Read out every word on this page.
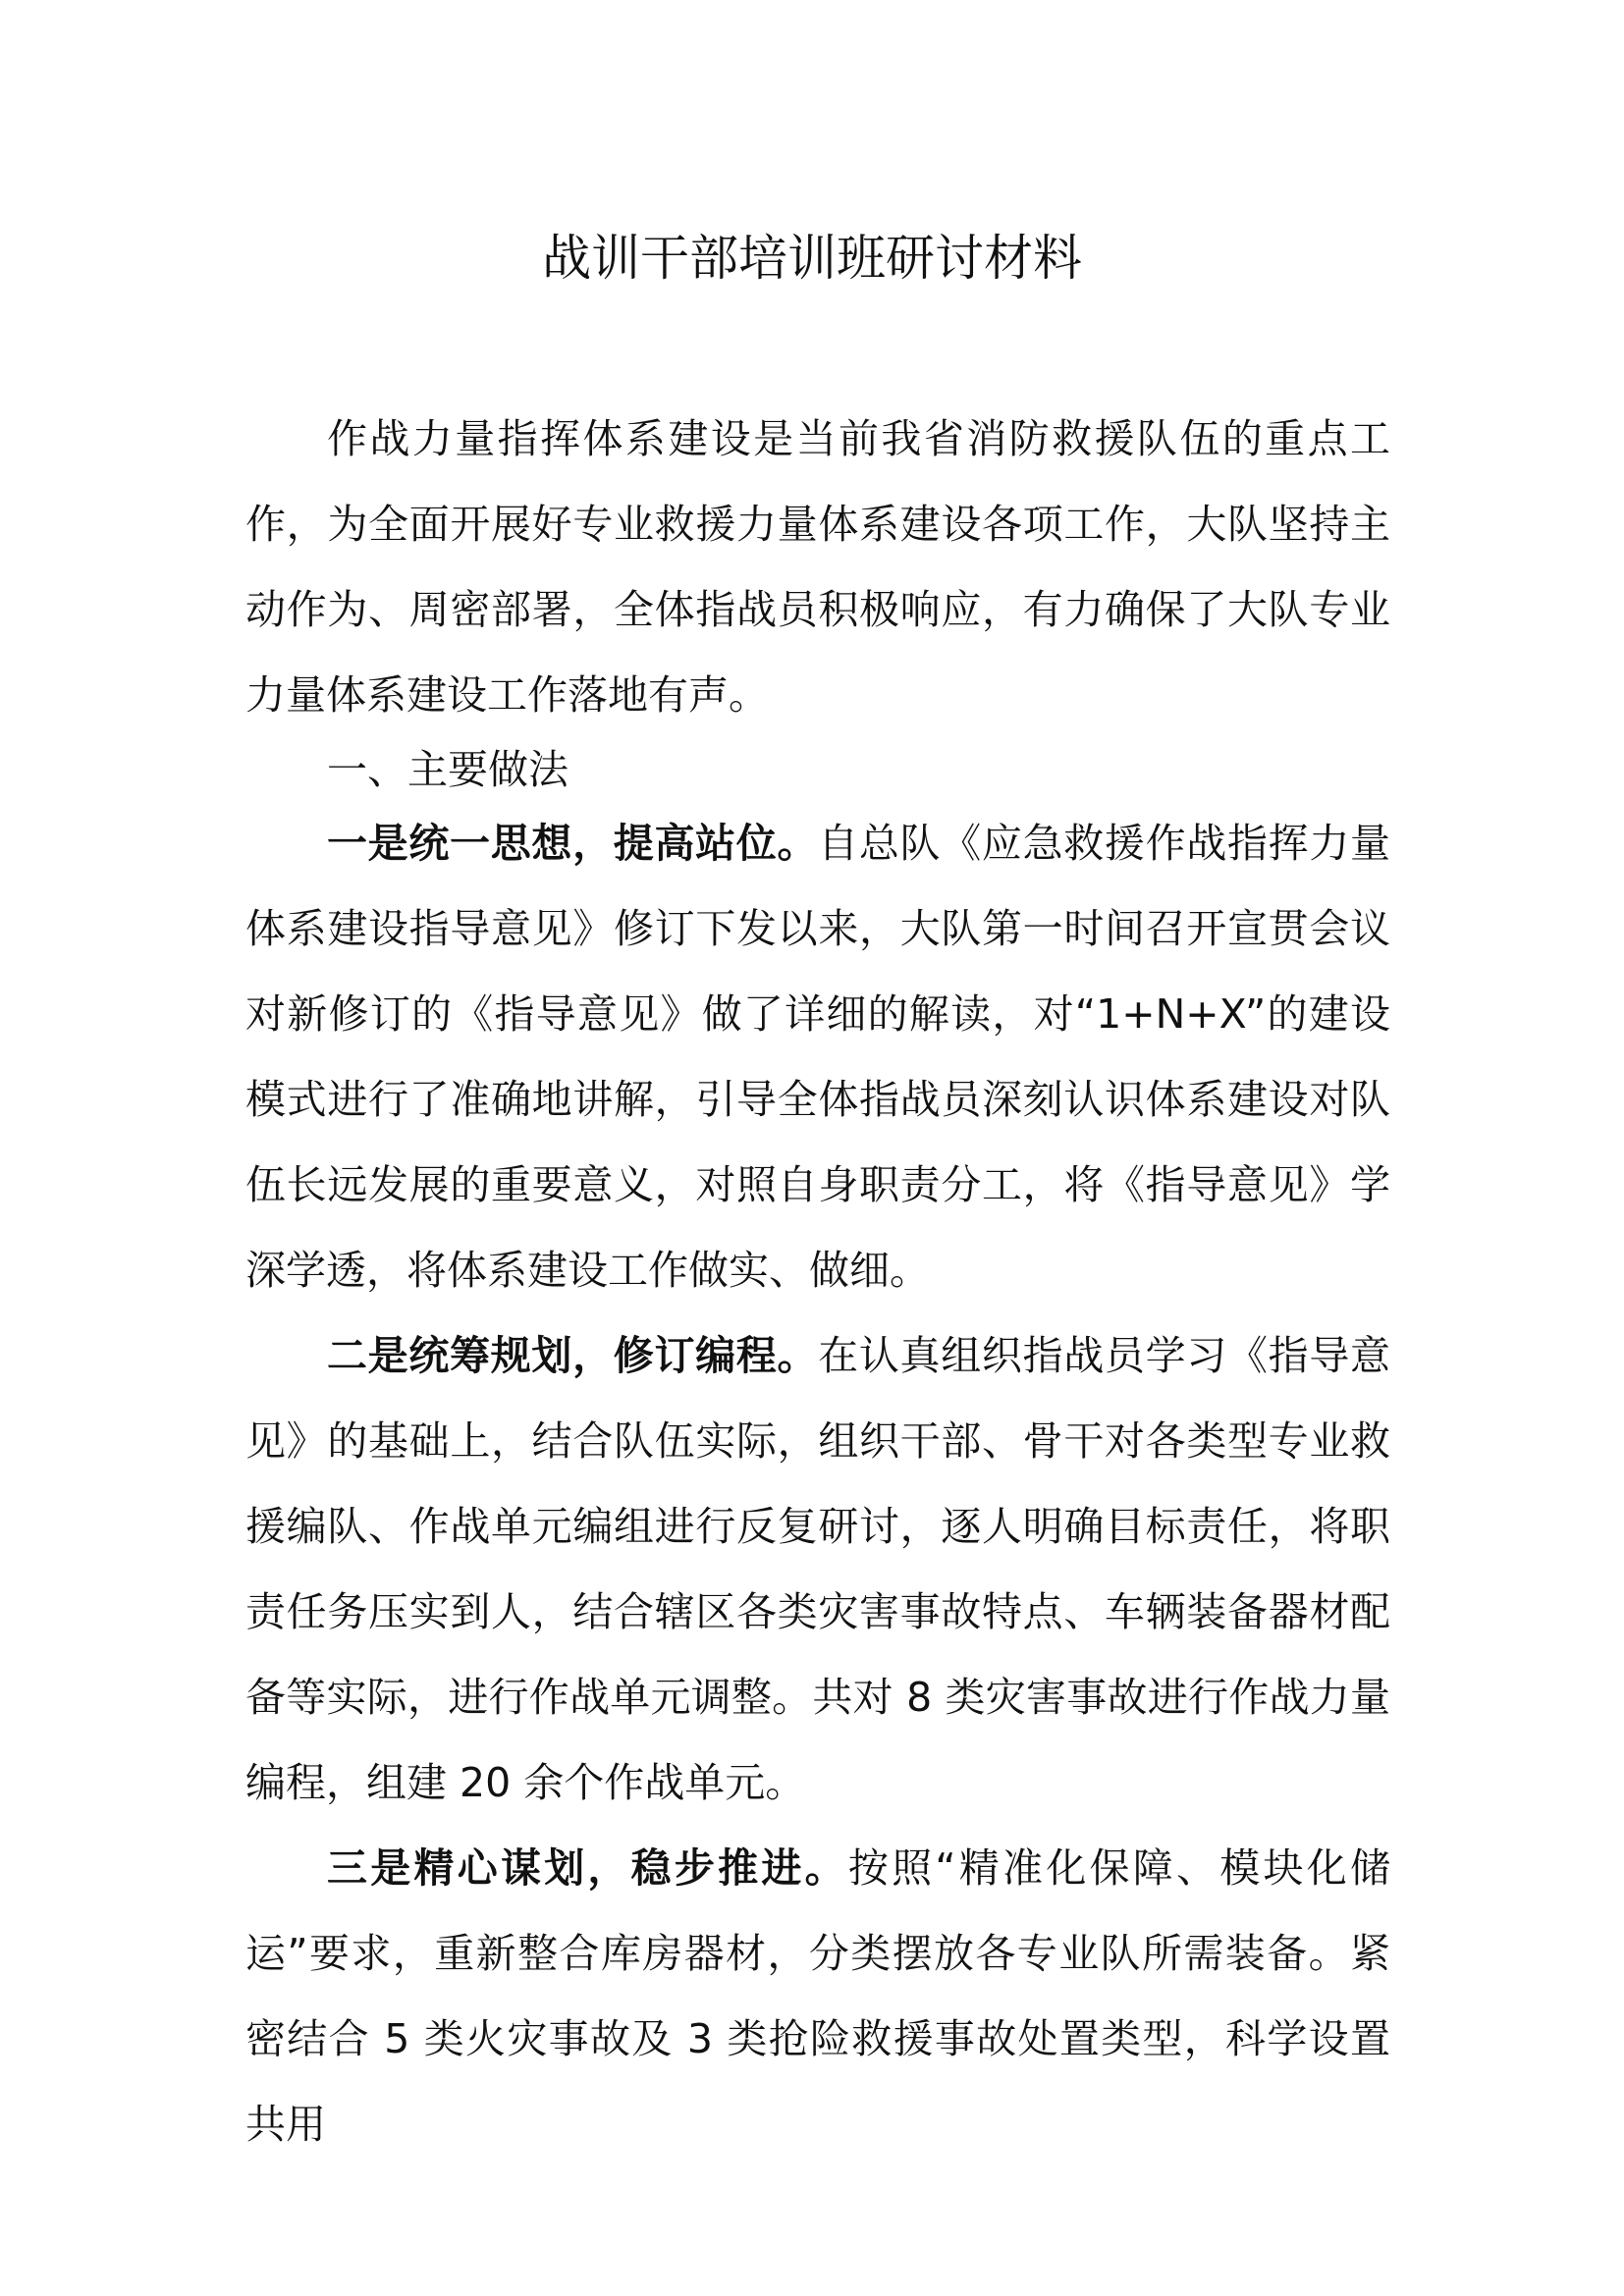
战训干部培训班研讨材料

作战力量指挥体系建设是当前我省消防救援队伍的重点工作，为全面开展好专业救援力量体系建设各项工作，大队坚持主动作为、周密部署，全体指战员积极响应，有力确保了大队专业力量体系建设工作落地有声。

一、主要做法

一是统一思想，提高站位。自总队《应急救援作战指挥力量体系建设指导意见》修订下发以来，大队第一时间召开宣贯会议对新修订的《指导意见》做了详细的解读，对“1+N+X”的建设模式进行了准确地讲解，引导全体指战员深刻认识体系建设对队伍长远发展的重要意义，对照自身职责分工，将《指导意见》学深学透，将体系建设工作做实、做细。

二是统筹规划，修订编程。在认真组织指战员学习《指导意见》的基础上，结合队伍实际，组织干部、骨干对各类型专业救援编队、作战单元编组进行反复研讨，逐人明确目标责任，将职责任务压实到人，结合辖区各类灾害事故特点、车辆装备器材配备等实际，进行作战单元调整。共对 8 类灾害事故进行作战力量编程，组建 20 余个作战单元。

三是精心谋划，稳步推进。按照“精准化保障、模块化储运”要求，重新整合库房器材，分类摆放各专业队所需装备。紧密结合 5 类火灾事故及 3 类抢险救援事故处置类型，科学设置共用
